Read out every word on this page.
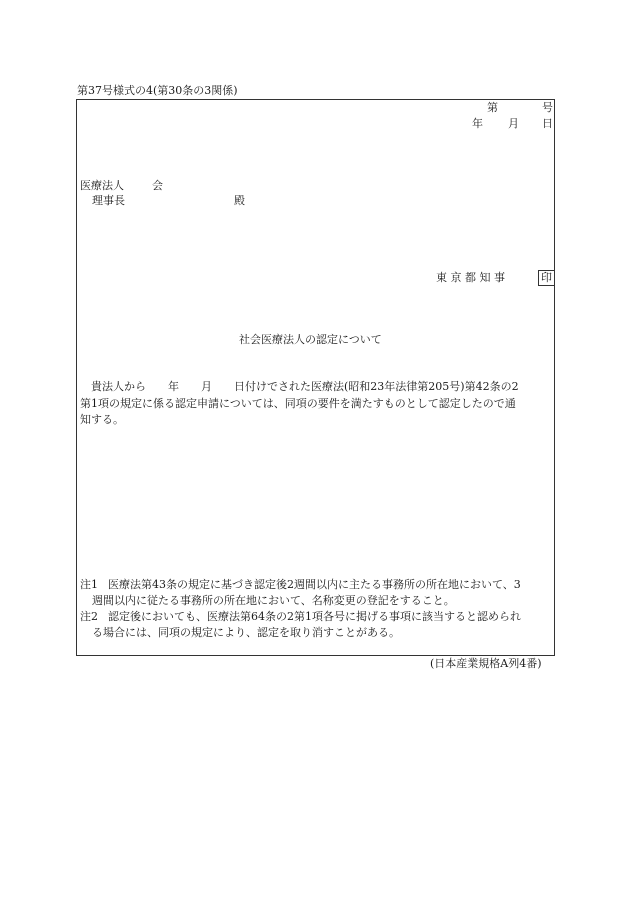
第37号様式の4(第30条の3関係)
第	号
年 月 日
医療法人	会
理事長	殿
東 京 都 知 事	印
社会医療法人の認定について

貴法人から　　年　　月　　日付けでされた医療法(昭和23年法律第205号)第42条の2

第1項の規定に係る認定申請については、同項の要件を満たすものとして認定したので通

知する。

注1 医療法第43条の規定に基づき認定後2週間以内に主たる事務所の所在地において、3
週間以内に従たる事務所の所在地において、名称変更の登記をすること。
注2 認定後においても、医療法第64条の2第1項各号に掲げる事項に該当すると認められ
る場合には、同項の規定により、認定を取り消すことがある。
(日本産業規格A列4番)
